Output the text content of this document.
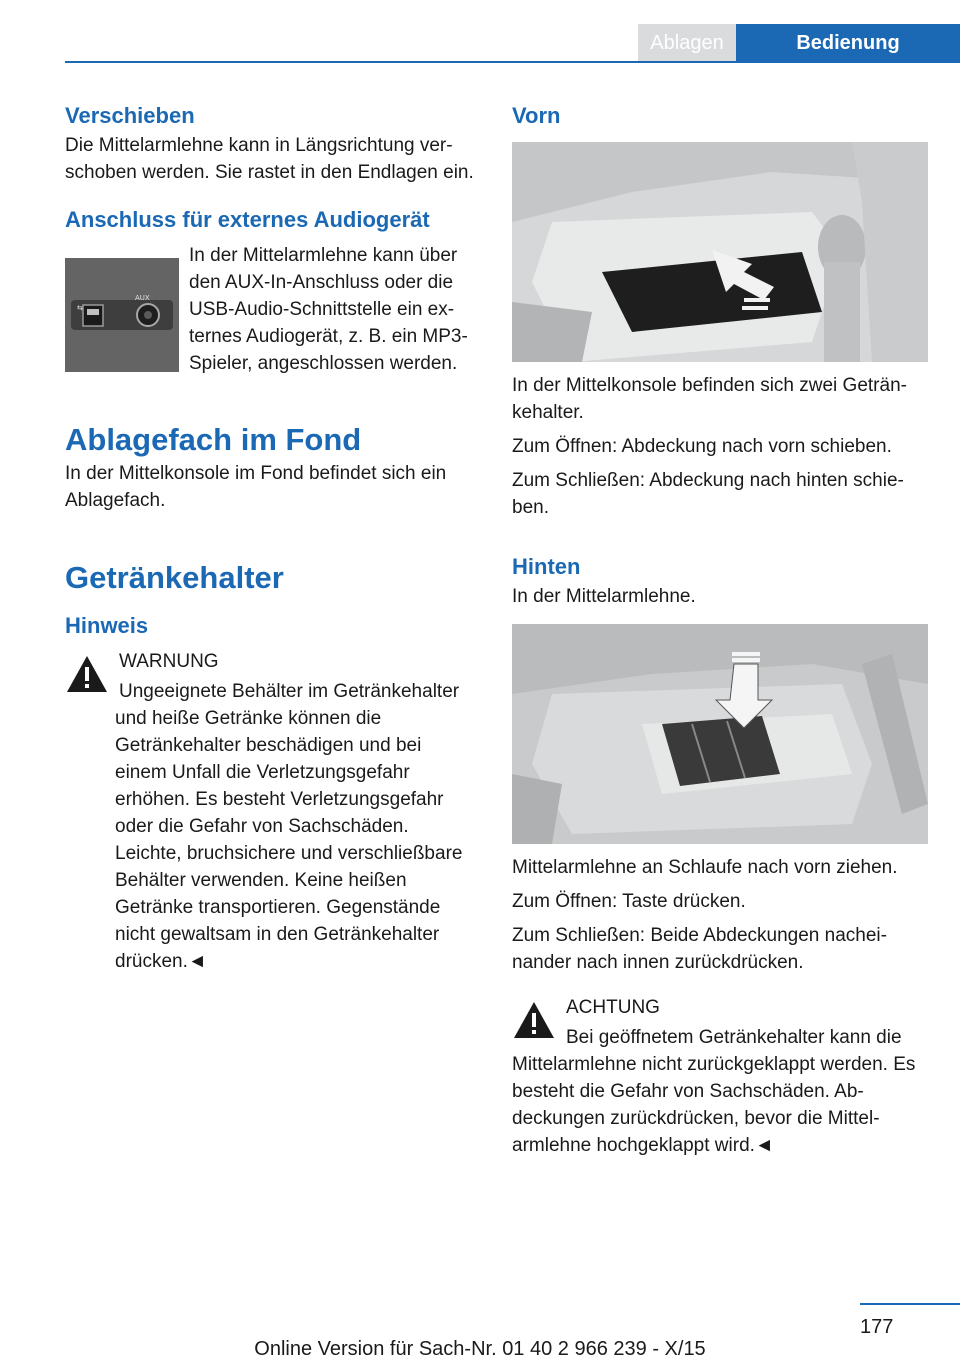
Ablagen	Bedienung
Verschieben

Die Mittelarmlehne kann in Längsrichtung verschoben werden. Sie rastet in den Endlagen ein.

Anschluss für externes Audiogerät
⇆
AUX

In der Mittelarmlehne kann über den AUX-In-Anschluss oder die USB-Audio-Schnittstelle ein externes Audiogerät, z. B. ein MP3-Spieler, angeschlossen werden.

Ablagefach im Fond

In der Mittelkonsole im Fond befindet sich ein Ablagefach.

Getränkehalter
Hinweis
WARNUNG

Ungeeignete Behälter im Getränkehalter und heiße Getränke können die Getränkehalter beschädigen und bei einem Unfall die Verletzungsgefahr erhöhen. Es besteht Verletzungsgefahr oder die Gefahr von Sachschäden. Leichte, bruchsichere und verschließbare Behälter verwenden. Keine heißen Getränke transportieren. Gegenstände nicht gewaltsam in den Getränkehalter drücken.◄

Vorn

In der Mittelkonsole befinden sich zwei Getränkehalter.

Zum Öffnen: Abdeckung nach vorn schieben.

Zum Schließen: Abdeckung nach hinten schieben.

Hinten

In der Mittelarmlehne.

Mittelarmlehne an Schlaufe nach vorn ziehen.

Zum Öffnen: Taste drücken.

Zum Schließen: Beide Abdeckungen nacheinander nach innen zurückdrücken.

ACHTUNG

Bei geöffnetem Getränkehalter kann die Mittelarmlehne nicht zurückgeklappt werden. Es besteht die Gefahr von Sachschäden. Abdeckungen zurückdrücken, bevor die Mittelarmlehne hochgeklappt wird.◄

177
Online Version für Sach-Nr. 01 40 2 966 239 - X/15
